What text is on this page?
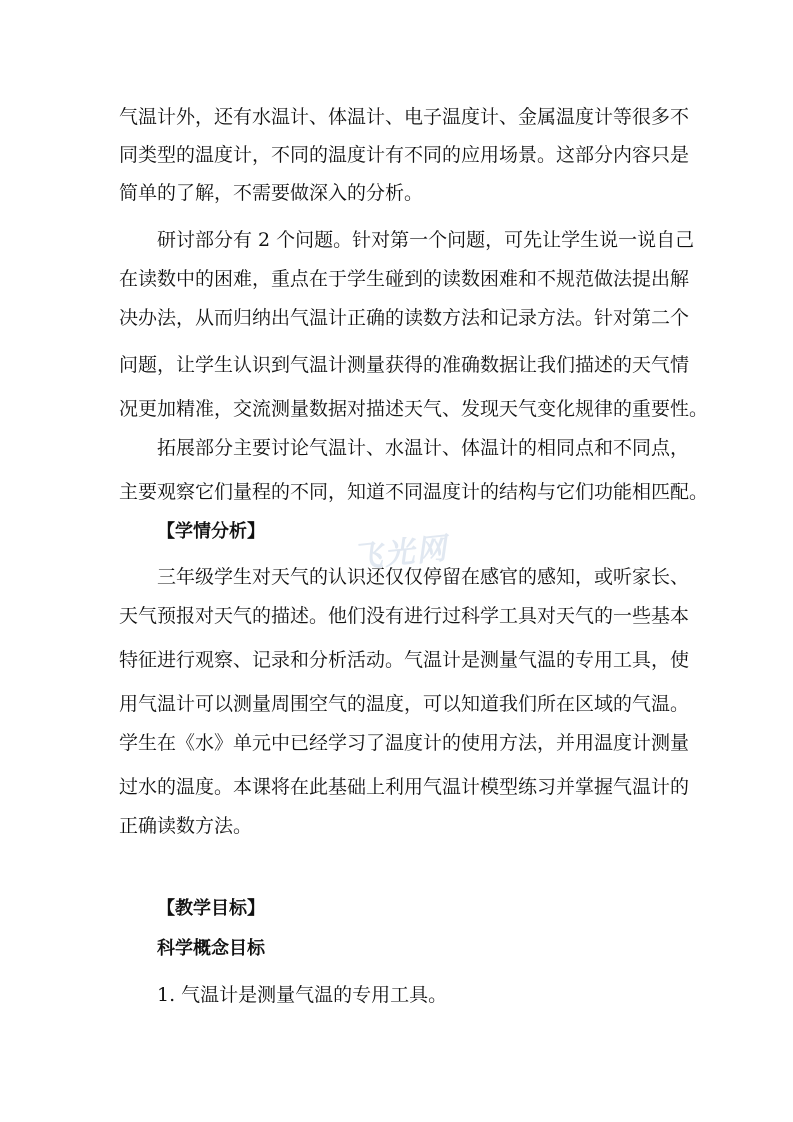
气温计外，还有水温计、体温计、电子温度计、金属温度计等很多不
同类型的温度计，不同的温度计有不同的应用场景。这部分内容只是
简单的了解，不需要做深入的分析。
研讨部分有 2 个问题。针对第一个问题，可先让学生说一说自己
在读数中的困难，重点在于学生碰到的读数困难和不规范做法提出解
决办法，从而归纳出气温计正确的读数方法和记录方法。针对第二个
问题，让学生认识到气温计测量获得的准确数据让我们描述的天气情
况更加精准，交流测量数据对描述天气、发现天气变化规律的重要性。
拓展部分主要讨论气温计、水温计、体温计的相同点和不同点，
主要观察它们量程的不同，知道不同温度计的结构与它们功能相匹配。
【学情分析】	飞光网
三年级学生对天气的认识还仅仅停留在感官的感知，或听家长、
天气预报对天气的描述。他们没有进行过科学工具对天气的一些基本
特征进行观察、记录和分析活动。气温计是测量气温的专用工具，使
用气温计可以测量周围空气的温度，可以知道我们所在区域的气温。
学生在《水》单元中已经学习了温度计的使用方法，并用温度计测量
过水的温度。本课将在此基础上利用气温计模型练习并掌握气温计的
正确读数方法。
【教学目标】
科学概念目标
1. 气温计是测量气温的专用工具。
